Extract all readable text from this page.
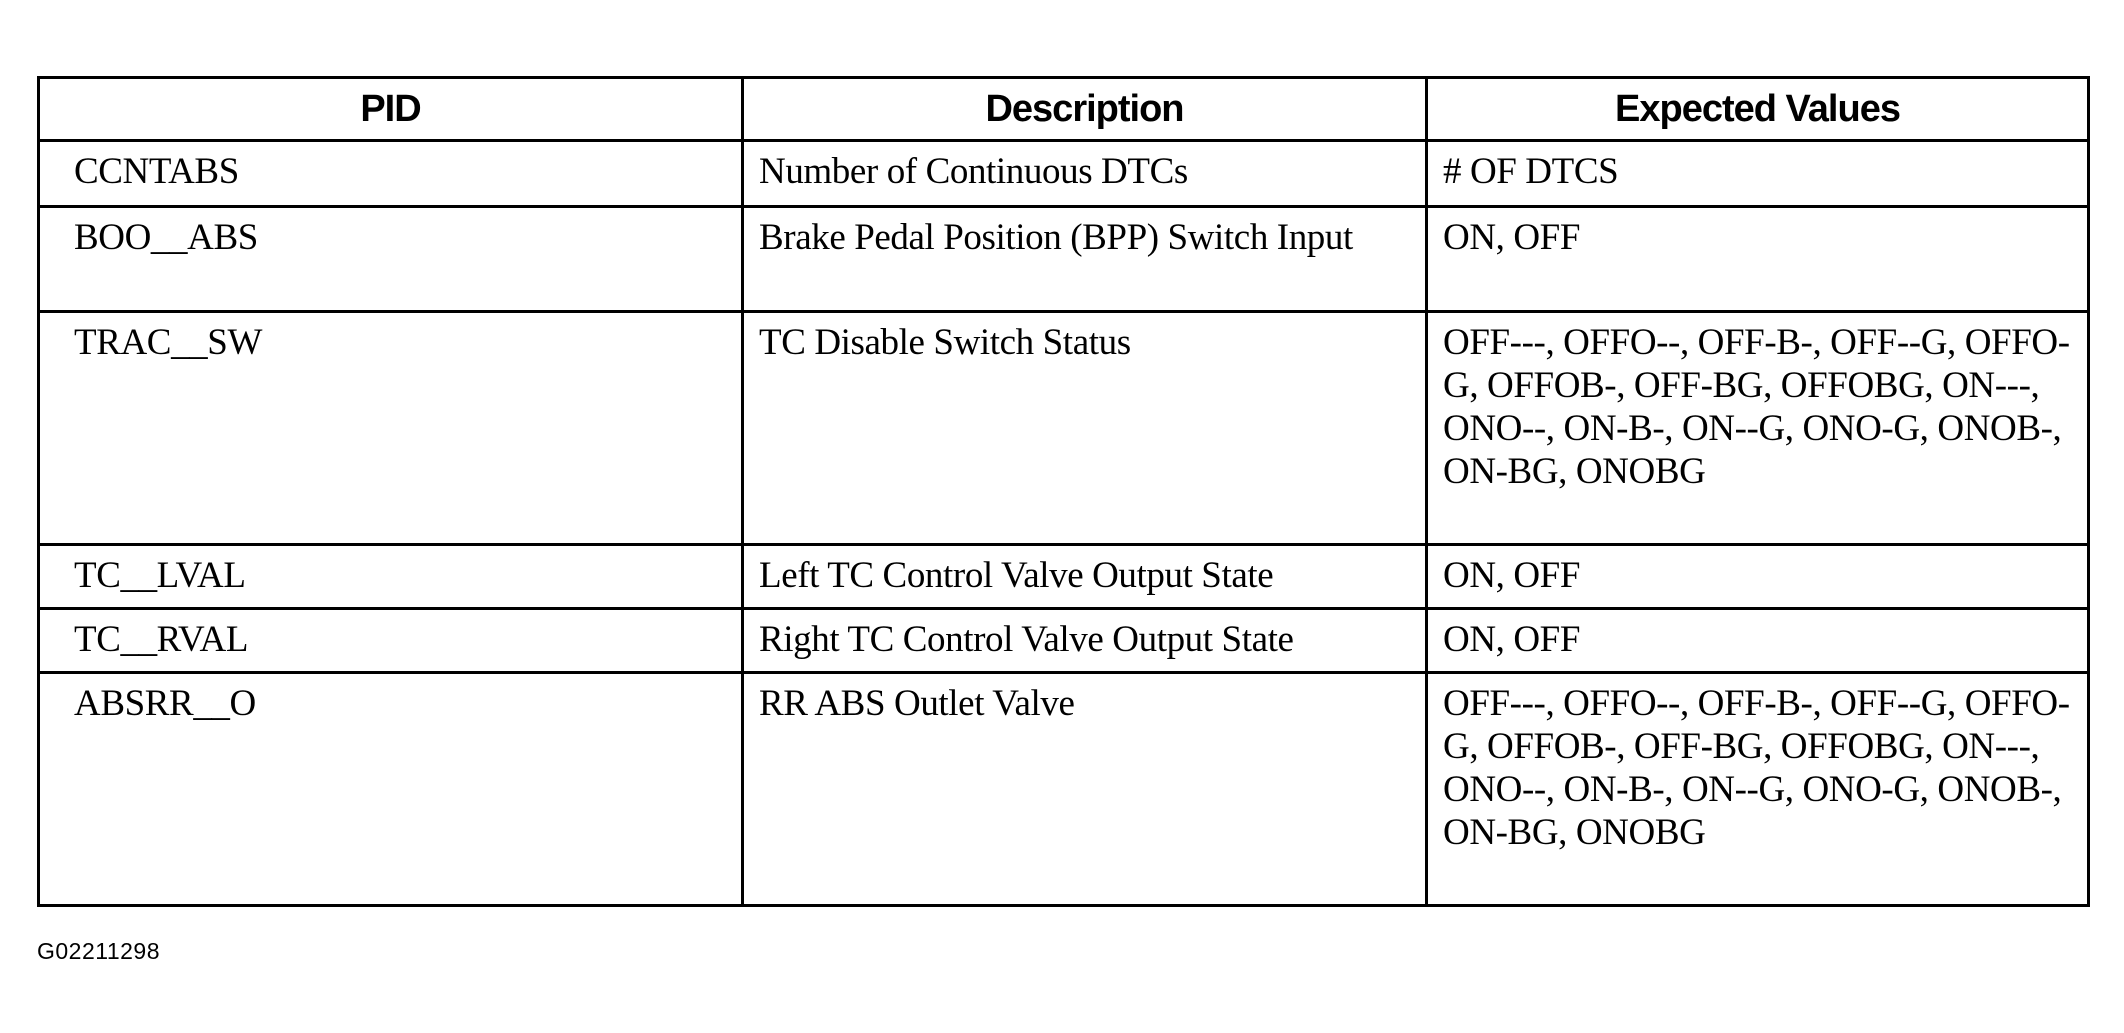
PID	Description	Expected Values
CCNTABS	Number of Continuous DTCs	# OF DTCS
BOO__ABS	Brake Pedal Position (BPP) Switch Input	ON, OFF
TRAC__SW	TC Disable Switch Status	OFF---, OFFO--, OFF-B-, OFF--G, OFFO-G, OFFOB-, OFF-BG, OFFOBG, ON---, ONO--, ON-B-, ON--G, ONO-G, ONOB-, ON-BG, ONOBG
TC__LVAL	Left TC Control Valve Output State	ON, OFF
TC__RVAL	Right TC Control Valve Output State	ON, OFF
ABSRR__O	RR ABS Outlet Valve	OFF---, OFFO--, OFF-B-, OFF--G, OFFO-G, OFFOB-, OFF-BG, OFFOBG, ON---, ONO--, ON-B-, ON--G, ONO-G, ONOB-, ON-BG, ONOBG
G02211298
